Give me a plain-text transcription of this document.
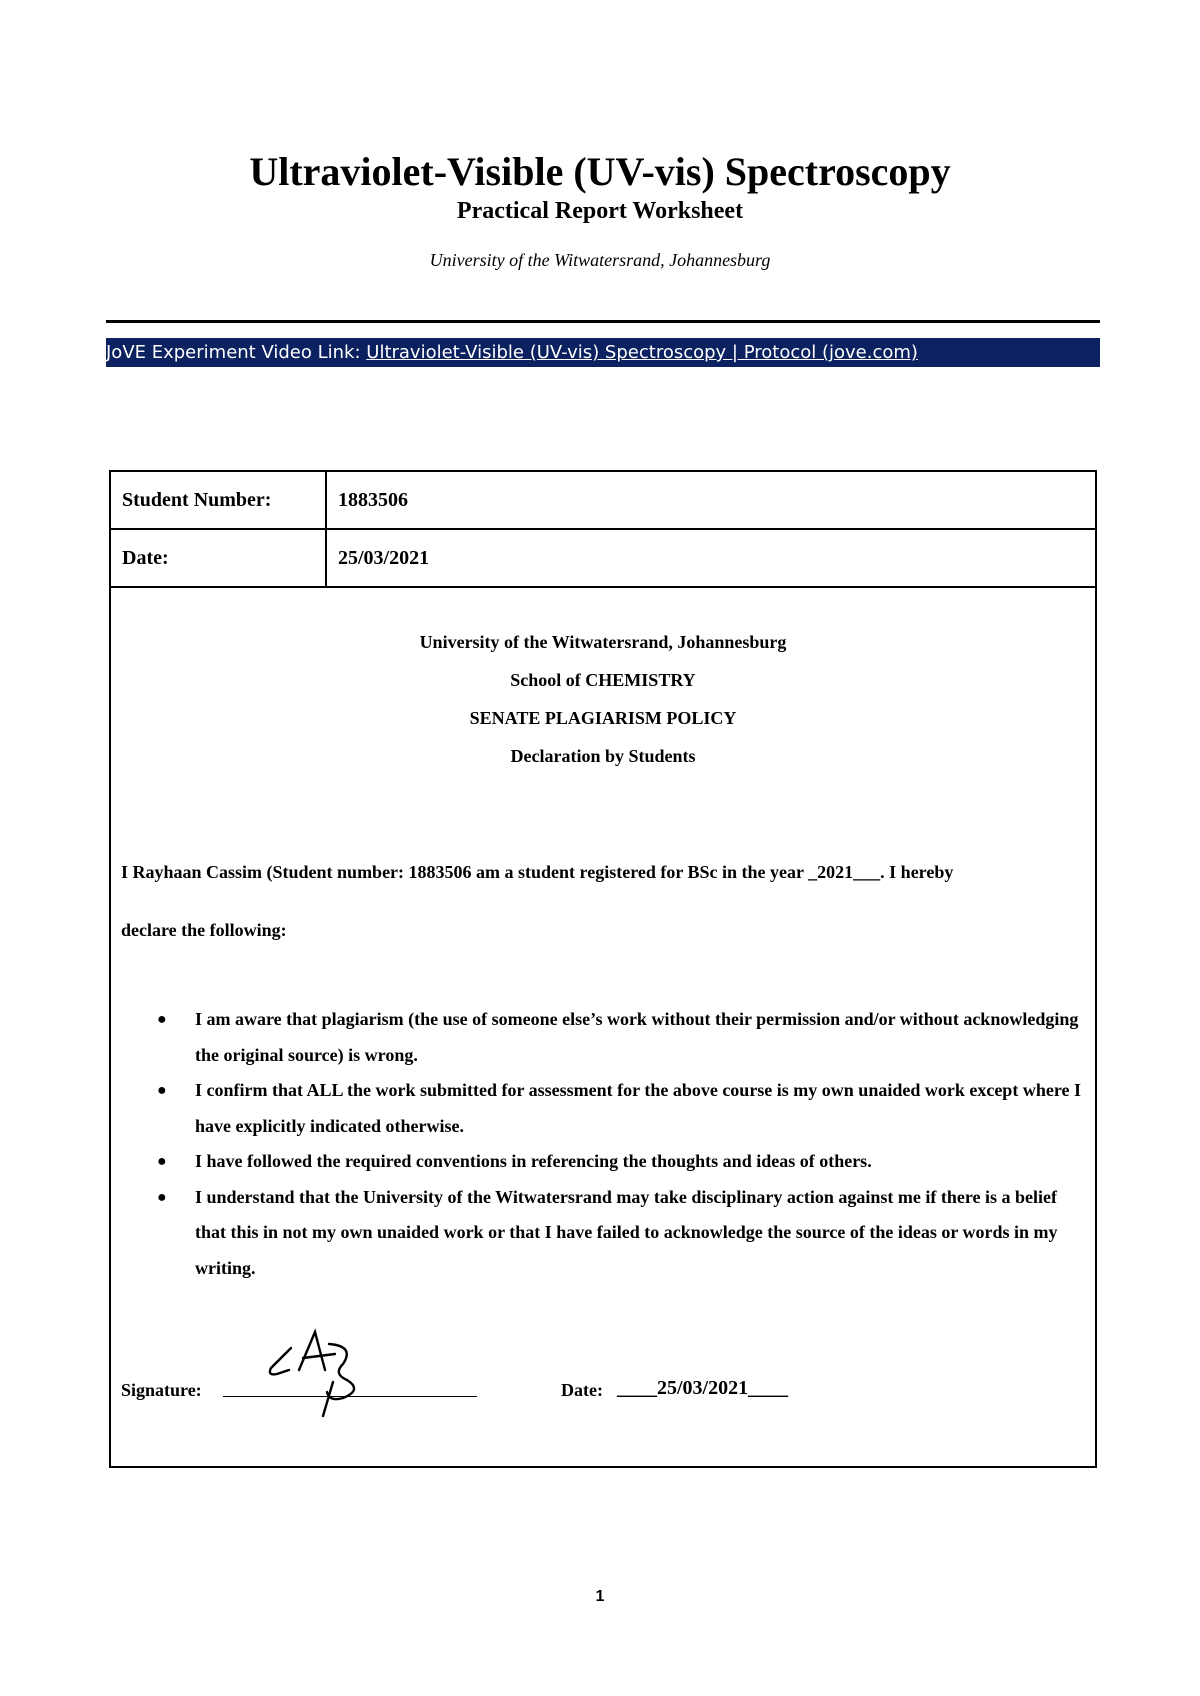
Ultraviolet-Visible (UV-vis) Spectroscopy
Practical Report Worksheet
University of the Witwatersrand, Johannesburg
JoVE Experiment Video Link: Ultraviolet-Visible (UV-vis) Spectroscopy | Protocol (jove.com)
Student Number:	1883506
Date:	25/03/2021
University of the Witwatersrand, Johannesburg
School of CHEMISTRY
SENATE PLAGIARISM POLICY
Declaration by Students
I Rayhaan Cassim (Student number: 1883506 am a student registered for BSc in the year _2021___. I hereby
declare the following:
● I am aware that plagiarism (the use of someone else’s work without their permission and/or without acknowledging the original source) is wrong.
● I confirm that ALL the work submitted for assessment for the above course is my own unaided work except where I have explicitly indicated otherwise.
● I have followed the required conventions in referencing the thoughts and ideas of others.
● I understand that the University of the Witwatersrand may take disciplinary action against me if there is a belief that this in not my own unaided work or that I have failed to acknowledge the source of the ideas or words in my writing.
Signature:	Date: ____25/03/2021____
1
